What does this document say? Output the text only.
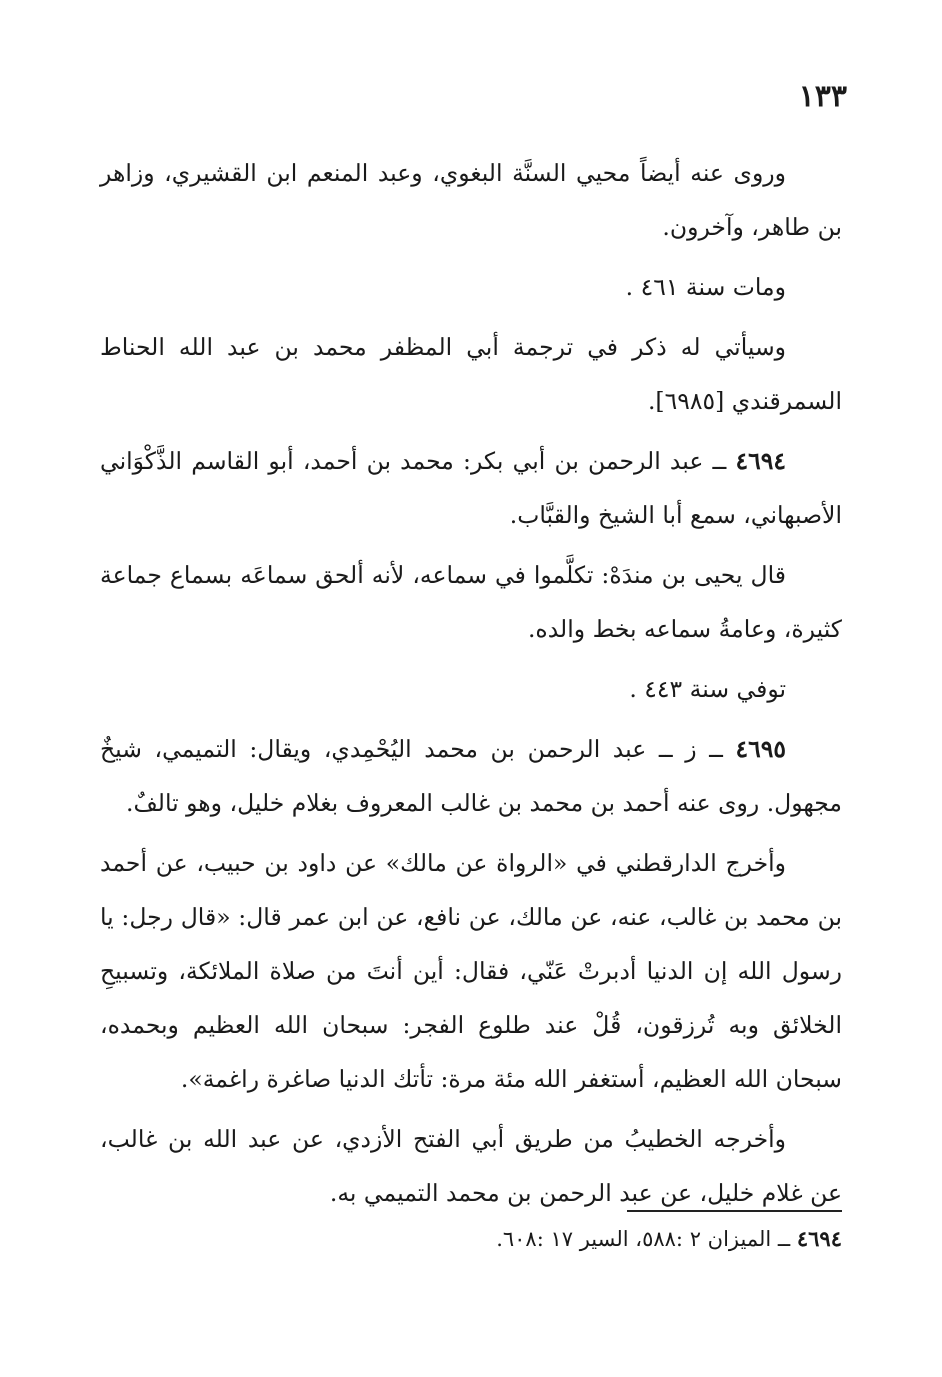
١٣٣

وروى عنه أيضاً محيي السنَّة البغوي، وعبد المنعم ابن القشيري، وزاهر بن طاهر، وآخرون.

ومات سنة ٤٦١ .

وسيأتي له ذكر في ترجمة أبي المظفر محمد بن عبد الله الحناط السمرقندي [٦٩٨٥].

٤٦٩٤ ــ عبد الرحمن بن أبي بكر: محمد بن أحمد، أبو القاسم الذَّكْوَاني الأصبهاني، سمع أبا الشيخ والقبَّاب.

قال يحيى بن مندَهْ: تكلَّموا في سماعه، لأنه ألحق سماعَه بسماع جماعة كثيرة، وعامةُ سماعه بخط والده.

توفي سنة ٤٤٣ .

٤٦٩٥ ــ ز ــ عبد الرحمن بن محمد اليُحْمِدي، ويقال: التميمي، شيخٌ مجهول. روى عنه أحمد بن محمد بن غالب المعروف بغلام خليل، وهو تالفٌ.

وأخرج الدارقطني في «الرواة عن مالك» عن داود بن حبيب، عن أحمد بن محمد بن غالب، عنه، عن مالك، عن نافع، عن ابن عمر قال: «قال رجل: يا رسول الله إن الدنيا أدبرتْ عَنّي، فقال: أين أنتَ من صلاة الملائكة، وتسبيحِ الخلائق وبه تُرزقون، قُلْ عند طلوع الفجر: سبحان الله العظيم وبحمده، سبحان الله العظيم، أستغفر الله مئة مرة: تأتك الدنيا صاغرة راغمة».

وأخرجه الخطيبُ من طريق أبي الفتح الأزدي، عن عبد الله بن غالب، عن غلام خليل، عن عبد الرحمن بن محمد التميمي به.

٤٦٩٤ ــ الميزان ٢ :٥٨٨، السير ١٧ :٦٠٨.
